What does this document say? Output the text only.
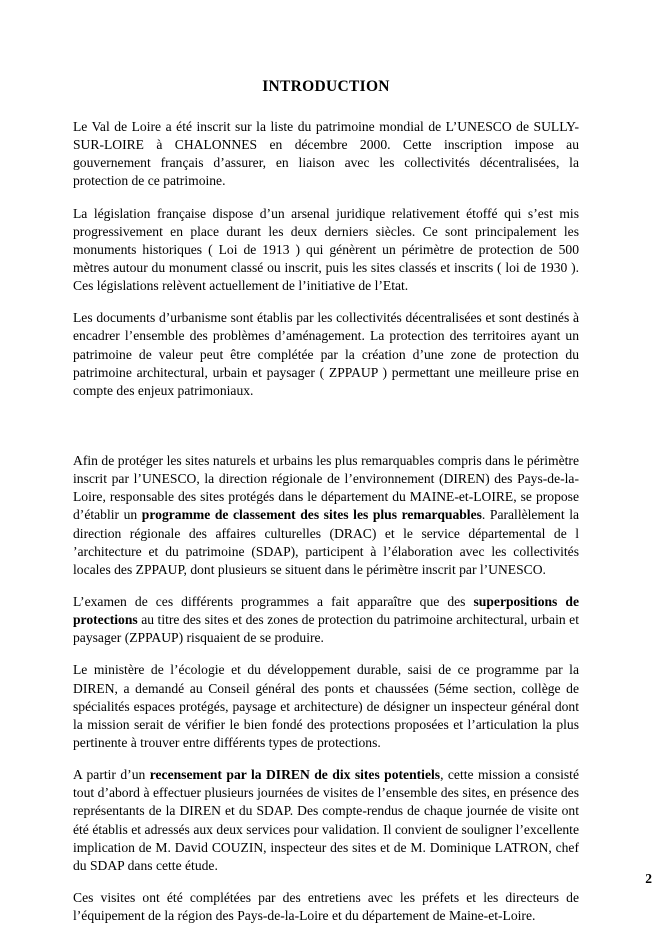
INTRODUCTION

Le Val de Loire a été inscrit sur la liste du patrimoine mondial de L’UNESCO de SULLY-SUR-LOIRE à CHALONNES en décembre 2000. Cette inscription impose au gouvernement français d’assurer, en liaison avec les collectivités décentralisées, la protection de ce patrimoine.

La législation française dispose d’un arsenal juridique relativement étoffé qui s’est mis progressivement en place durant les deux derniers siècles. Ce sont principalement les monuments historiques ( Loi de 1913 ) qui génèrent un périmètre de protection de 500 mètres autour du monument classé ou inscrit, puis les sites classés et inscrits ( loi de 1930 ). Ces législations relèvent actuellement de l’initiative de l’Etat.

Les documents d’urbanisme sont établis par les collectivités décentralisées et sont destinés à encadrer l’ensemble des problèmes d’aménagement. La protection des territoires ayant un patrimoine de valeur peut être complétée par la création d’une zone de protection du patrimoine architectural, urbain et paysager ( ZPPAUP ) permettant une meilleure prise en compte des enjeux patrimoniaux.

Afin de protéger les sites naturels et urbains les plus remarquables compris dans le périmètre inscrit par l’UNESCO, la direction régionale de l’environnement (DIREN) des Pays-de-la-Loire, responsable des sites protégés dans le département du MAINE-et-LOIRE, se propose d’établir un programme de classement des sites les plus remarquables. Parallèlement la direction régionale des affaires culturelles (DRAC) et le service départemental de l ’architecture et du patrimoine (SDAP), participent à l’élaboration avec les collectivités locales des ZPPAUP, dont plusieurs se situent dans le périmètre inscrit par l’UNESCO.

L’examen de ces différents programmes a fait apparaître que des superpositions de protections au titre des sites et des zones de protection du patrimoine architectural, urbain et paysager (ZPPAUP) risquaient de se produire.

Le ministère de l’écologie et du développement durable, saisi de ce programme par la DIREN, a demandé au Conseil général des ponts et chaussées (5éme section, collège de spécialités espaces protégés, paysage et architecture) de désigner un inspecteur général dont la mission serait de vérifier le bien fondé des protections proposées et l’articulation la plus pertinente à trouver entre différents types de protections.

A partir d’un recensement par la DIREN de dix sites potentiels, cette mission a consisté tout d’abord à effectuer plusieurs journées de visites de l’ensemble des sites, en présence des représentants de la DIREN et du SDAP. Des compte-rendus de chaque journée de visite ont été établis et adressés aux deux services pour validation. Il convient de souligner l’excellente implication de M. David COUZIN, inspecteur des sites et de M. Dominique LATRON, chef du SDAP dans cette étude.

Ces visites ont été complétées par des entretiens avec les préfets et les directeurs de l’équipement de la région des Pays-de-la-Loire et du département de Maine-et-Loire.

2
